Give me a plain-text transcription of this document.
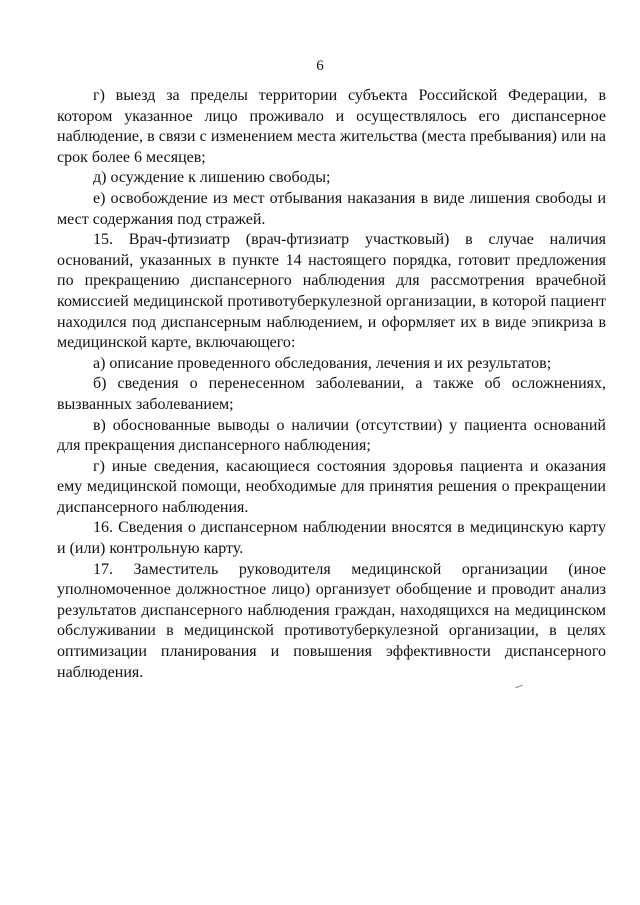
6

г) выезд за пределы территории субъекта Российской Федерации, в котором указанное лицо проживало и осуществлялось его диспансерное наблюдение, в связи с изменением места жительства (места пребывания) или на срок более 6 месяцев;

д) осуждение к лишению свободы;

е) освобождение из мест отбывания наказания в виде лишения свободы и мест содержания под стражей.

15. Врач-фтизиатр (врач-фтизиатр участковый) в случае наличия оснований, указанных в пункте 14 настоящего порядка, готовит предложения по прекращению диспансерного наблюдения для рассмотрения врачебной комиссией медицинской противотуберкулезной организации, в которой пациент находился под диспансерным наблюдением, и оформляет их в виде эпикриза в медицинской карте, включающего:

а) описание проведенного обследования, лечения и их результатов;

б) сведения о перенесенном заболевании, а также об осложнениях, вызванных заболеванием;

в) обоснованные выводы о наличии (отсутствии) у пациента оснований для прекращения диспансерного наблюдения;

г) иные сведения, касающиеся состояния здоровья пациента и оказания ему медицинской помощи, необходимые для принятия решения о прекращении диспансерного наблюдения.

16. Сведения о диспансерном наблюдении вносятся в медицинскую карту и (или) контрольную карту.

17. Заместитель руководителя медицинской организации (иное уполномоченное должностное лицо) организует обобщение и проводит анализ результатов диспансерного наблюдения граждан, находящихся на медицинском обслуживании в медицинской противотуберкулезной организации, в целях оптимизации планирования и повышения эффективности диспансерного наблюдения.
